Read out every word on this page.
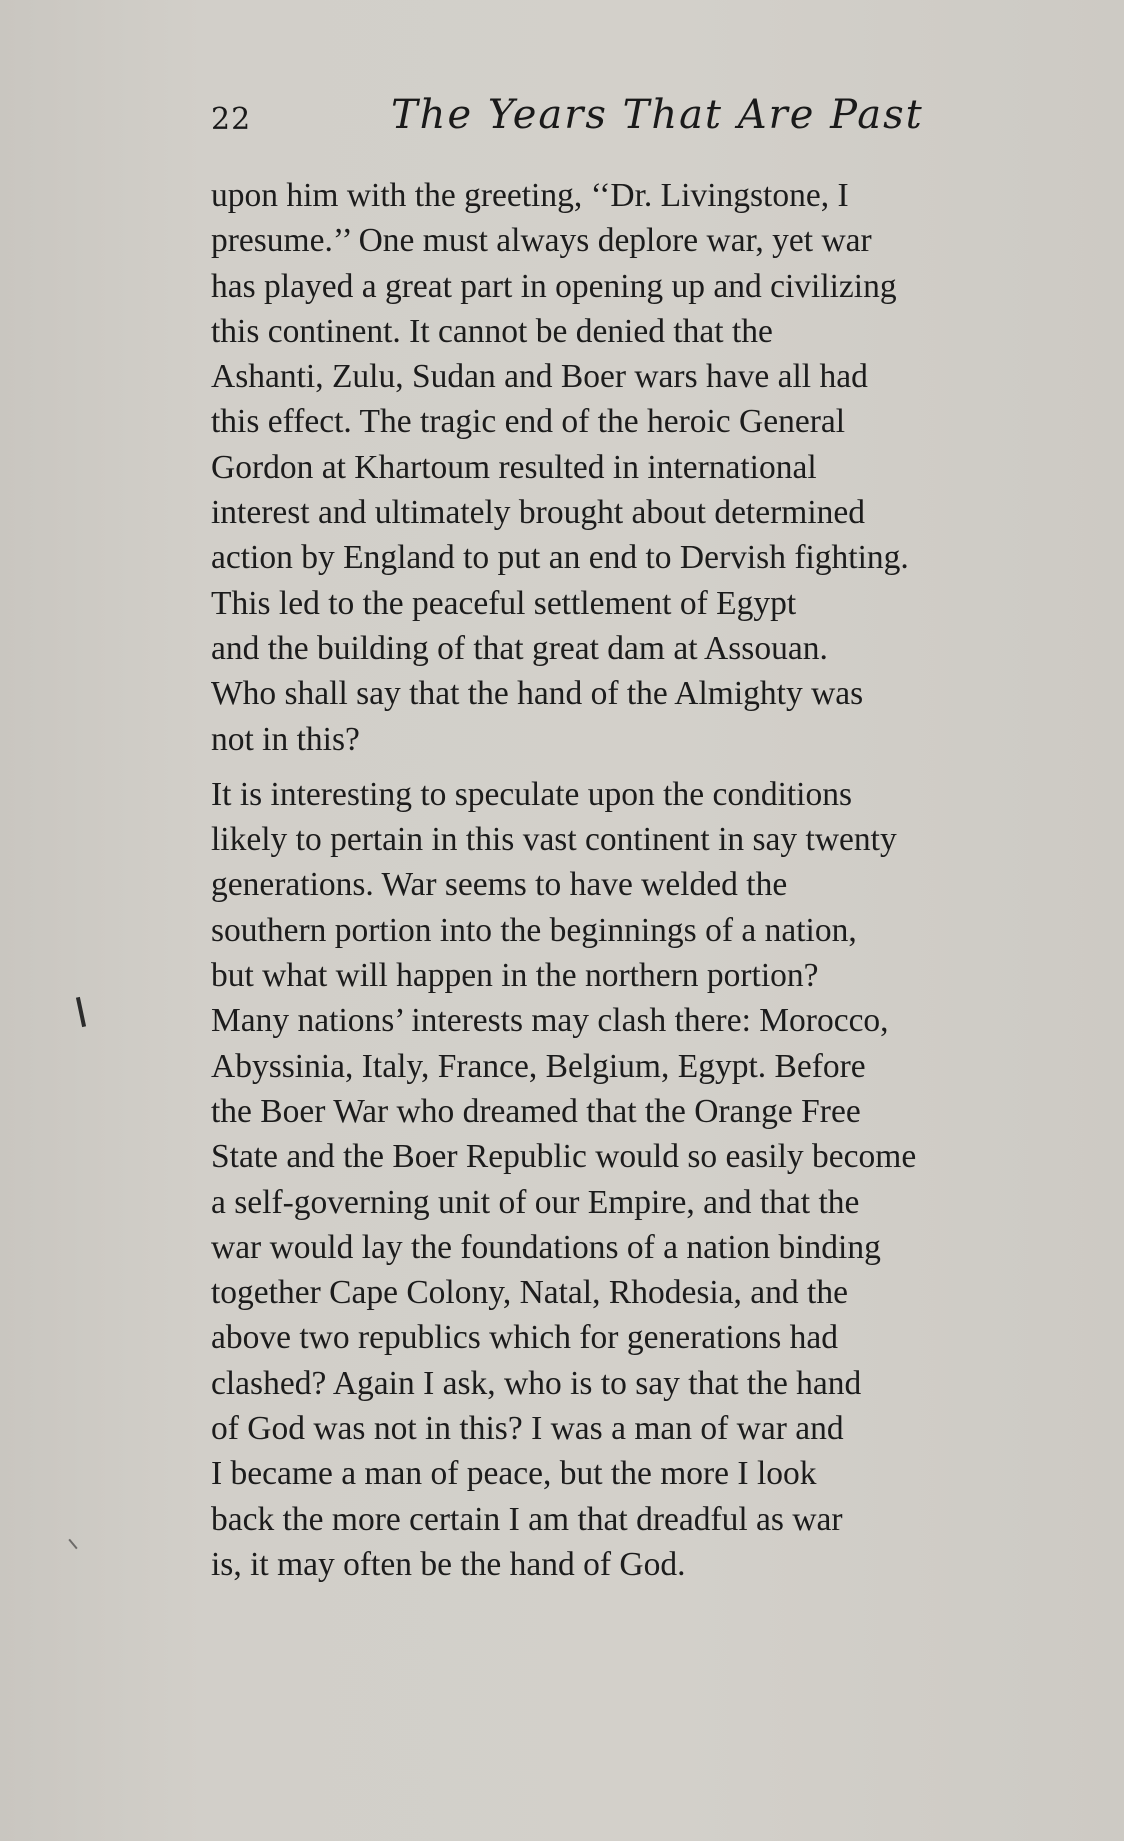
22	The Years That Are Past

upon him with the greeting, ‘‘Dr. Livingstone, I
presume.’’ One must always deplore war, yet war
has played a great part in opening up and civilizing
this continent. It cannot be denied that the
Ashanti, Zulu, Sudan and Boer wars have all had
this effect. The tragic end of the heroic General
Gordon at Khartoum resulted in international
interest and ultimately brought about determined
action by England to put an end to Dervish fighting.
This led to the peaceful settlement of Egypt
and the building of that great dam at Assouan.
Who shall say that the hand of the Almighty was
not in this?

It is interesting to speculate upon the conditions
likely to pertain in this vast continent in say twenty
generations. War seems to have welded the
southern portion into the beginnings of a nation,
but what will happen in the northern portion?
Many nations’ interests may clash there: Morocco,
Abyssinia, Italy, France, Belgium, Egypt. Before
the Boer War who dreamed that the Orange Free
State and the Boer Republic would so easily become
a self-governing unit of our Empire, and that the
war would lay the foundations of a nation binding
together Cape Colony, Natal, Rhodesia, and the
above two republics which for generations had
clashed? Again I ask, who is to say that the hand
of God was not in this? I was a man of war and
I became a man of peace, but the more I look
back the more certain I am that dreadful as war
is, it may often be the hand of God.
